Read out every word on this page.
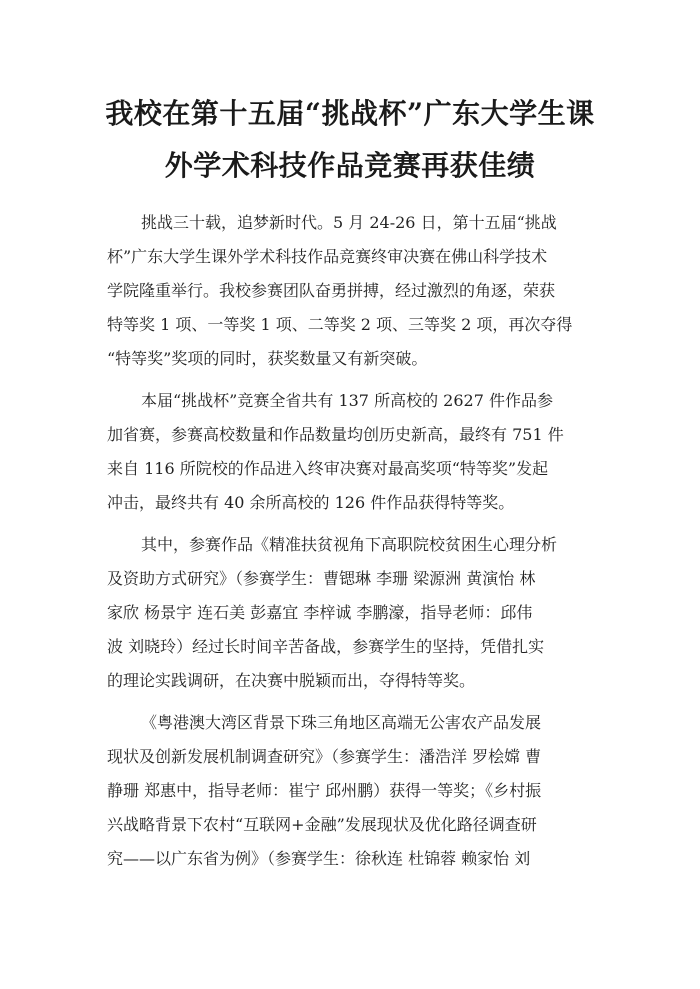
我校在第十五届“挑战杯”广东大学生课
外学术科技作品竞赛再获佳绩
挑战三十载，追梦新时代。5 月 24-26 日，第十五届“挑战
杯”广东大学生课外学术科技作品竞赛终审决赛在佛山科学技术
学院隆重举行。我校参赛团队奋勇拼搏，经过激烈的角逐，荣获
特等奖 1 项、一等奖 1 项、二等奖 2 项、三等奖 2 项，再次夺得
“特等奖”奖项的同时，获奖数量又有新突破。
本届“挑战杯”竞赛全省共有 137 所高校的 2627 件作品参
加省赛，参赛高校数量和作品数量均创历史新高，最终有 751 件
来自 116 所院校的作品进入终审决赛对最高奖项“特等奖”发起
冲击，最终共有 40 余所高校的 126 件作品获得特等奖。
其中，参赛作品《精准扶贫视角下高职院校贫困生心理分析
及资助方式研究》（参赛学生：曹锶琳 李珊 梁源洲 黄演怡 林
家欣 杨景宇 连石美 彭嘉宜 李梓诚 李鹏濠，指导老师：邱伟
波 刘晓玲）经过长时间辛苦备战，参赛学生的坚持，凭借扎实
的理论实践调研，在决赛中脱颖而出，夺得特等奖。
《粤港澳大湾区背景下珠三角地区高端无公害农产品发展
现状及创新发展机制调查研究》（参赛学生：潘浩洋 罗桧嫦 曹
静珊 郑惠中，指导老师：崔宁 邱州鹏）获得一等奖；《乡村振
兴战略背景下农村“互联网+金融”发展现状及优化路径调查研
究——以广东省为例》（参赛学生：徐秋连 杜锦蓉 赖家怡 刘
